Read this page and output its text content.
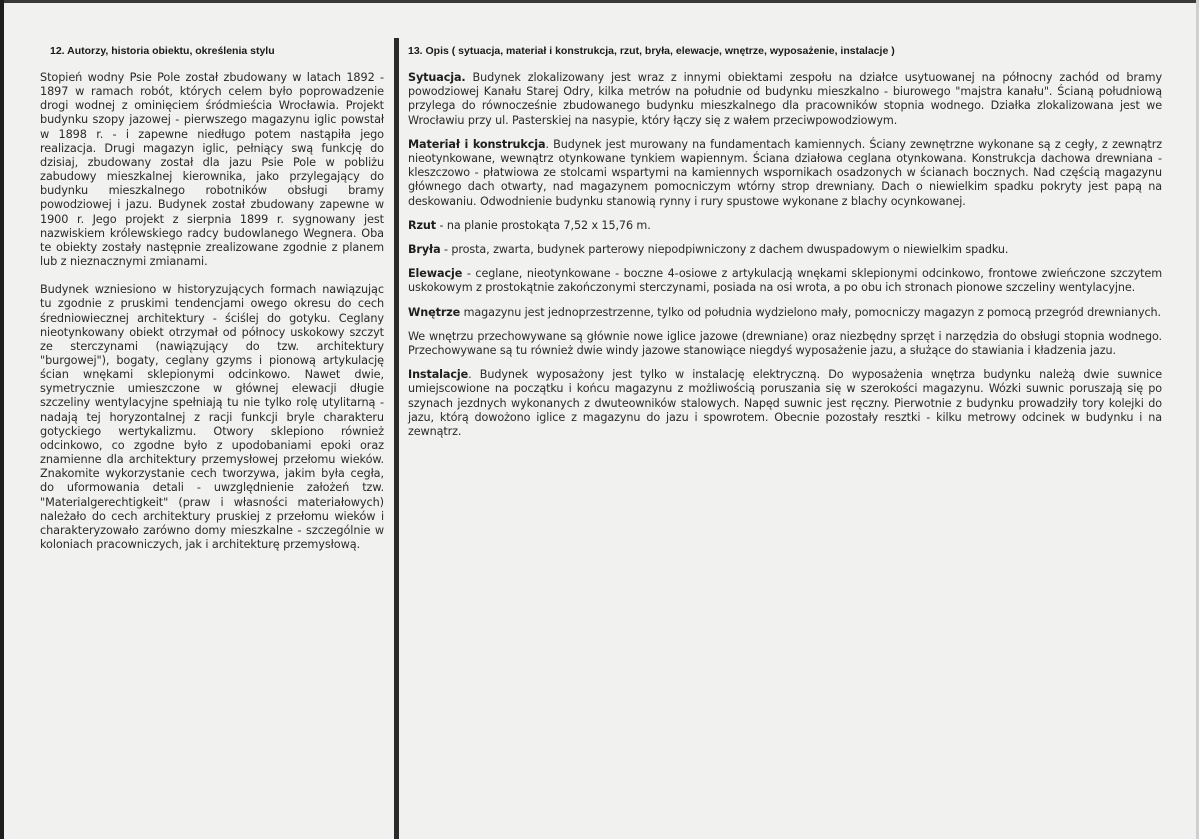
12. Autorzy, historia obiektu, określenia stylu

Stopień wodny Psie Pole został zbudowany w latach 1892 - 1897 w ramach robót, których celem było poprowadzenie drogi wodnej z ominięciem śródmieścia Wrocławia. Projekt budynku szopy jazowej - pierwszego magazynu iglic powstał w 1898 r. - i zapewne niedługo potem nastąpiła jego realizacja. Drugi magazyn iglic, pełniący swą funkcję do dzisiaj, zbudowany został dla jazu Psie Pole w pobliżu zabudowy mieszkalnej kierownika, jako przylegający do budynku mieszkalnego robotników obsługi bramy powodziowej i jazu. Budynek został zbudowany zapewne w 1900 r. Jego projekt z sierpnia 1899 r. sygnowany jest nazwiskiem królewskiego radcy budowlanego Wegnera. Oba te obiekty zostały następnie zrealizowane zgodnie z planem lub z nieznacznymi zmianami.

Budynek wzniesiono w historyzujących formach nawiązując tu zgodnie z pruskimi tendencjami owego okresu do cech średniowiecznej architektury - ściślej do gotyku. Ceglany nieotynkowany obiekt otrzymał od północy uskokowy szczyt ze sterczynami (nawiązujący do tzw. architektury "burgowej"), bogaty, ceglany gzyms i pionową artykulację ścian wnękami sklepionymi odcinkowo. Nawet dwie, symetrycznie umieszczone w głównej elewacji długie szczeliny wentylacyjne spełniają tu nie tylko rolę utylitarną - nadają tej horyzontalnej z racji funkcji bryle charakteru gotyckiego wertykalizmu. Otwory sklepiono również odcinkowo, co zgodne było z upodobaniami epoki oraz znamienne dla architektury przemysłowej przełomu wieków. Znakomite wykorzystanie cech tworzywa, jakim była cegła, do uformowania detali - uwzględnienie założeń tzw. "Materialgerechtigkeit" (praw i własności materiałowych) należało do cech architektury pruskiej z przełomu wieków i charakteryzowało zarówno domy mieszkalne - szczególnie w koloniach pracowniczych, jak i architekturę przemysłową.

13. Opis ( sytuacja, materiał i konstrukcja, rzut, bryła, elewacje, wnętrze, wyposażenie, instalacje )

Sytuacja. Budynek zlokalizowany jest wraz z innymi obiektami zespołu na działce usytuowanej na północny zachód od bramy powodziowej Kanału Starej Odry, kilka metrów na południe od budynku mieszkalno - biurowego "majstra kanału". Ścianą południową przylega do równocześnie zbudowanego budynku mieszkalnego dla pracowników stopnia wodnego. Działka zlokalizowana jest we Wrocławiu przy ul. Pasterskiej na nasypie, który łączy się z wałem przeciwpowodziowym.

Materiał i konstrukcja. Budynek jest murowany na fundamentach kamiennych. Ściany zewnętrzne wykonane są z cegły, z zewnątrz nieotynkowane, wewnątrz otynkowane tynkiem wapiennym. Ściana działowa ceglana otynkowana. Konstrukcja dachowa drewniana - kleszczowo - płatwiowa ze stolcami wspartymi na kamiennych wspornikach osadzonych w ścianach bocznych. Nad częścią magazynu głównego dach otwarty, nad magazynem pomocniczym wtórny strop drewniany. Dach o niewielkim spadku pokryty jest papą na deskowaniu. Odwodnienie budynku stanowią rynny i rury spustowe wykonane z blachy ocynkowanej.

Rzut - na planie prostokąta 7,52 x 15,76 m.

Bryła - prosta, zwarta, budynek parterowy niepodpiwniczony z dachem dwuspadowym o niewielkim spadku.

Elewacje - ceglane, nieotynkowane - boczne 4-osiowe z artykulacją wnękami sklepionymi odcinkowo, frontowe zwieńczone szczytem uskokowym z prostokątnie zakończonymi sterczynami, posiada na osi wrota, a po obu ich stronach pionowe szczeliny wentylacyjne.

Wnętrze magazynu jest jednoprzestrzenne, tylko od południa wydzielono mały, pomocniczy magazyn z pomocą przegród drewnianych.

We wnętrzu przechowywane są głównie nowe iglice jazowe (drewniane) oraz niezbędny sprzęt i narzędzia do obsługi stopnia wodnego. Przechowywane są tu również dwie windy jazowe stanowiące niegdyś wyposażenie jazu, a służące do stawiania i kładzenia jazu.

Instalacje. Budynek wyposażony jest tylko w instalację elektryczną. Do wyposażenia wnętrza budynku należą dwie suwnice umiejscowione na początku i końcu magazynu z możliwością poruszania się w szerokości magazynu. Wózki suwnic poruszają się po szynach jezdnych wykonanych z dwuteowników stalowych. Napęd suwnic jest ręczny. Pierwotnie z budynku prowadziły tory kolejki do jazu, którą dowożono iglice z magazynu do jazu i spowrotem. Obecnie pozostały resztki - kilku metrowy odcinek w budynku i na zewnątrz.
